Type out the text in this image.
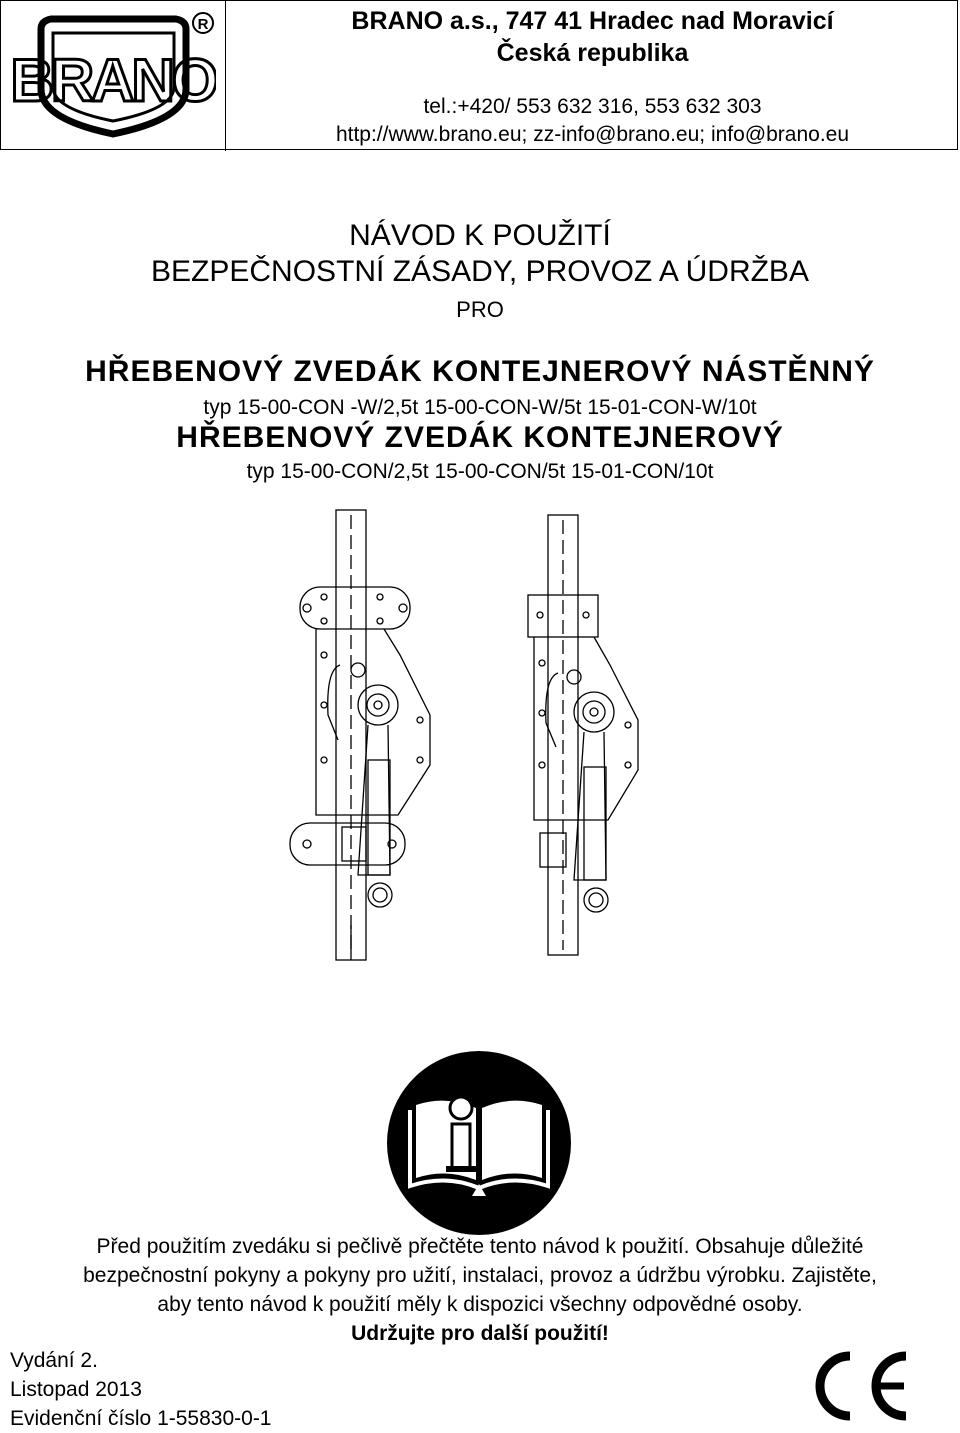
BRANO
R	BRANO a.s., 747 41 Hradec nad Moravicí
Česká republika
tel.:+420/ 553 632 316, 553 632 303
http://www.brano.eu; zz-info@brano.eu; info@brano.eu
NÁVOD K POUŽITÍ
BEZPEČNOSTNÍ ZÁSADY, PROVOZ A ÚDRŽBA
PRO
HŘEBENOVÝ ZVEDÁK KONTEJNEROVÝ NÁSTĚNNÝ
typ 15-00-CON -W/2,5t 15-00-CON-W/5t 15-01-CON-W/10t
HŘEBENOVÝ ZVEDÁK KONTEJNEROVÝ
typ 15-00-CON/2,5t 15-00-CON/5t 15-01-CON/10t
Před použitím zvedáku si pečlivě přečtěte tento návod k použití. Obsahuje důležité
bezpečnostní pokyny a pokyny pro užití, instalaci, provoz a údržbu výrobku. Zajistěte,
aby tento návod k použití měly k dispozici všechny odpovědné osoby.
Udržujte pro další použití!
Vydání 2.
Listopad 2013
Evidenční číslo 1-55830-0-1
